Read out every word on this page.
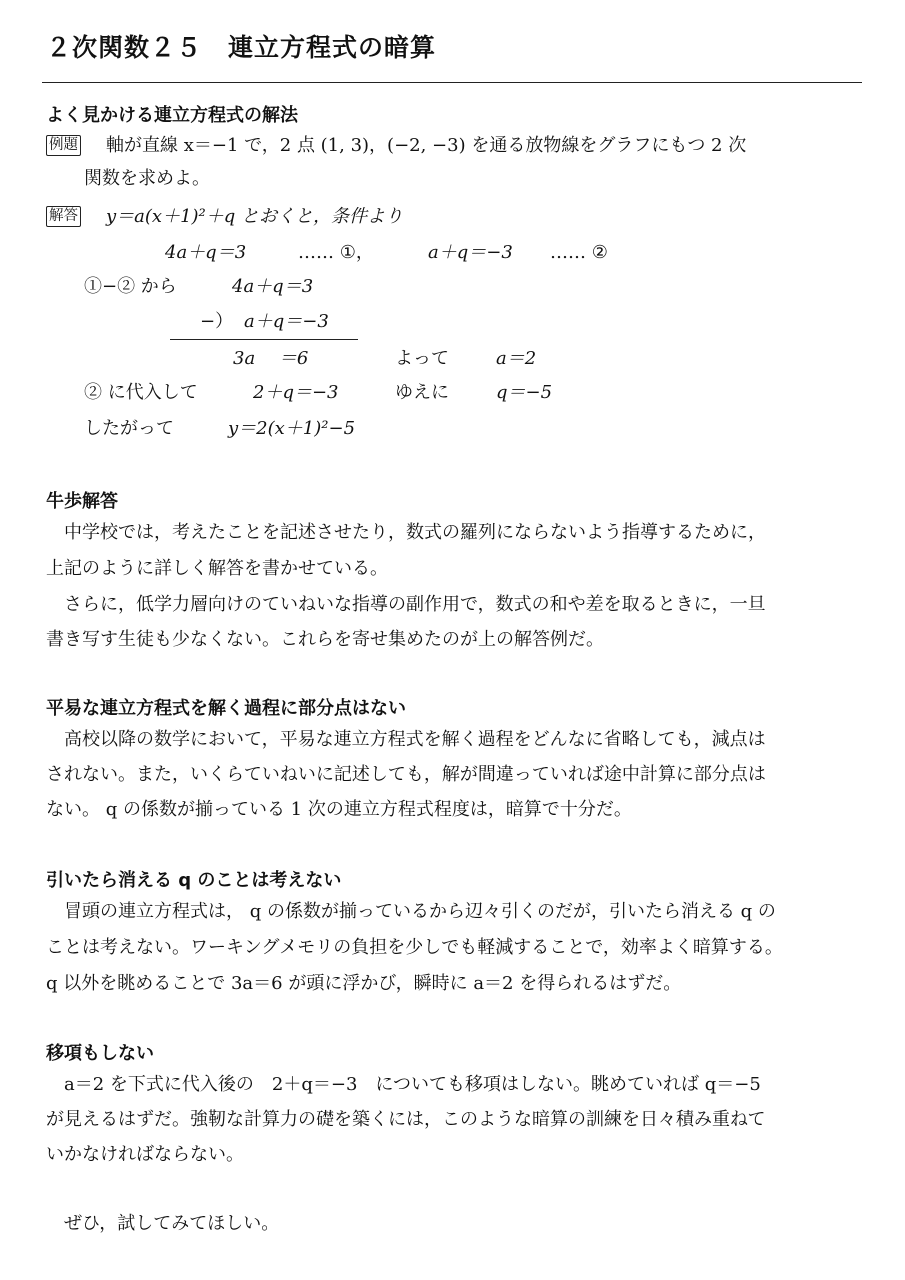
２次関数２５　連立方程式の暗算
よく見かける連立方程式の解法
例題 軸が直線 x＝−1 で，2 点 (1, 3)，(−2, −3) を通る放物線をグラフにもつ 2 次
関数を求めよ。
解答 y＝a(x＋1)²＋q とおくと，条件より
4a＋q＝3	…… ①，	a＋q＝−3 …… ②
①−② から	4a＋q＝3
−） a＋q＝−3
3a　 ＝6	よって	a＝2
② に代入して	2＋q＝−3	ゆえに	q＝−5
したがって	y＝2(x＋1)²−5
牛歩解答
　中学校では，考えたことを記述させたり，数式の羅列にならないよう指導するために，
上記のように詳しく解答を書かせている。
　さらに，低学力層向けのていねいな指導の副作用で，数式の和や差を取るときに，一旦
書き写す生徒も少なくない。これらを寄せ集めたのが上の解答例だ。
平易な連立方程式を解く過程に部分点はない
　高校以降の数学において，平易な連立方程式を解く過程をどんなに省略しても，減点は
されない。また，いくらていねいに記述しても，解が間違っていれば途中計算に部分点は
ない。 q の係数が揃っている 1 次の連立方程式程度は，暗算で十分だ。
引いたら消える q のことは考えない
　冒頭の連立方程式は， q の係数が揃っているから辺々引くのだが，引いたら消える q の
ことは考えない。ワーキングメモリの負担を少しでも軽減することで，効率よく暗算する。
q 以外を眺めることで 3a＝6 が頭に浮かび，瞬時に a＝2 を得られるはずだ。
移項もしない
　a＝2 を下式に代入後の　2＋q＝−3　についても移項はしない。眺めていれば q＝−5
が見えるはずだ。強靭な計算力の礎を築くには，このような暗算の訓練を日々積み重ねて
いかなければならない。
　ぜひ，試してみてほしい。
